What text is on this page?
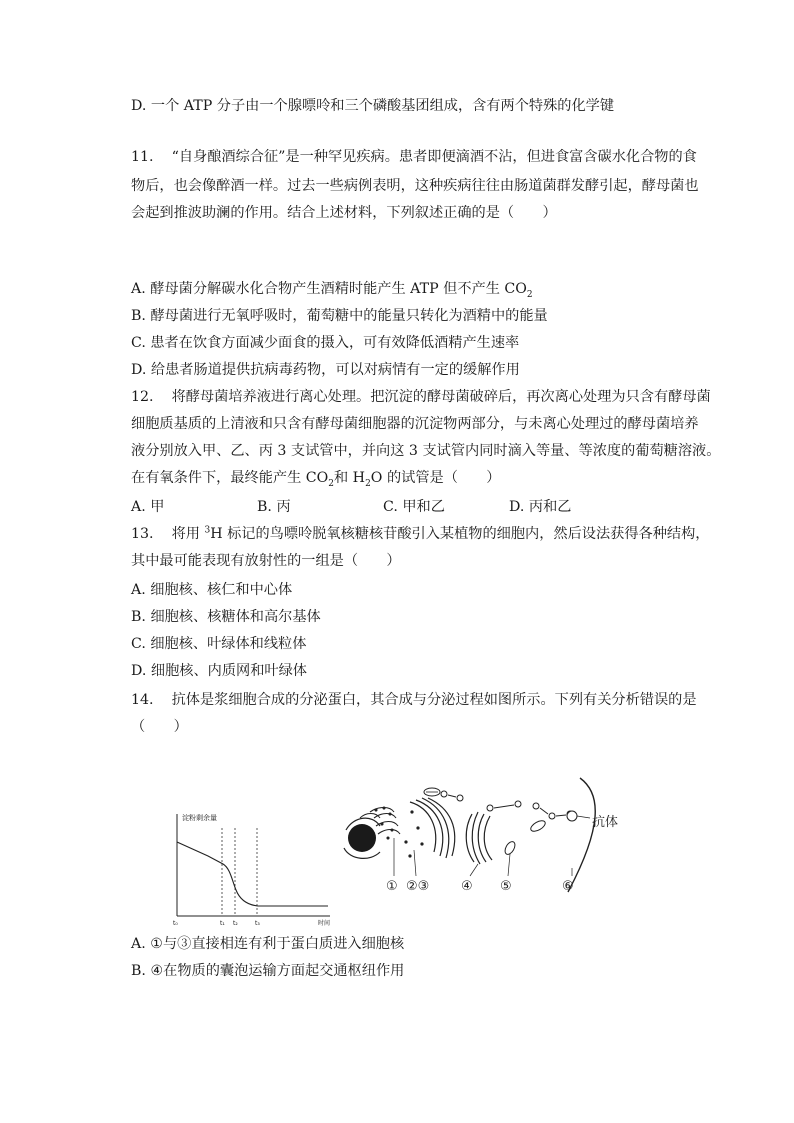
D. 一个 ATP 分子由一个腺嘌呤和三个磷酸基团组成，含有两个特殊的化学键
11. “自身酿酒综合征”是一种罕见疾病。患者即便滴酒不沾，但进食富含碳水化合物的食
物后，也会像醉酒一样。过去一些病例表明，这种疾病往往由肠道菌群发酵引起，酵母菌也
会起到推波助澜的作用。结合上述材料，下列叙述正确的是（　　）
A. 酵母菌分解碳水化合物产生酒精时能产生 ATP 但不产生 $CO_2$
B. 酵母菌进行无氧呼吸时，葡萄糖中的能量只转化为酒精中的能量
C. 患者在饮食方面减少面食的摄入，可有效降低酒精产生速率
D. 给患者肠道提供抗病毒药物，可以对病情有一定的缓解作用
12. 将酵母菌培养液进行离心处理。把沉淀的酵母菌破碎后，再次离心处理为只含有酵母菌
细胞质基质的上清液和只含有酵母菌细胞器的沉淀物两部分，与未离心处理过的酵母菌培养
液分别放入甲、乙、丙 3 支试管中，并向这 3 支试管内同时滴入等量、等浓度的葡萄糖溶液。
在有氧条件下，最终能产生 $CO_2$和 $H_2O$ 的试管是（　　）
A. 甲	B. 丙	C. 甲和乙	D. 丙和乙
13. 将用 $^3$H 标记的鸟嘌呤脱氧核糖核苷酸引入某植物的细胞内，然后设法获得各种结构，
其中最可能表现有放射性的一组是（　　）
A. 细胞核、核仁和中心体
B. 细胞核、核糖体和高尔基体
C. 细胞核、叶绿体和线粒体
D. 细胞核、内质网和叶绿体
14. 抗体是浆细胞合成的分泌蛋白，其合成与分泌过程如图所示。下列有关分析错误的是
（　　）
淀粉剩余量
t₀	t₁ t₂	t₃	时间
抗体
① ②③ ④ ⑤	⑥
A. ①与③直接相连有利于蛋白质进入细胞核
B. ④在物质的囊泡运输方面起交通枢纽作用
